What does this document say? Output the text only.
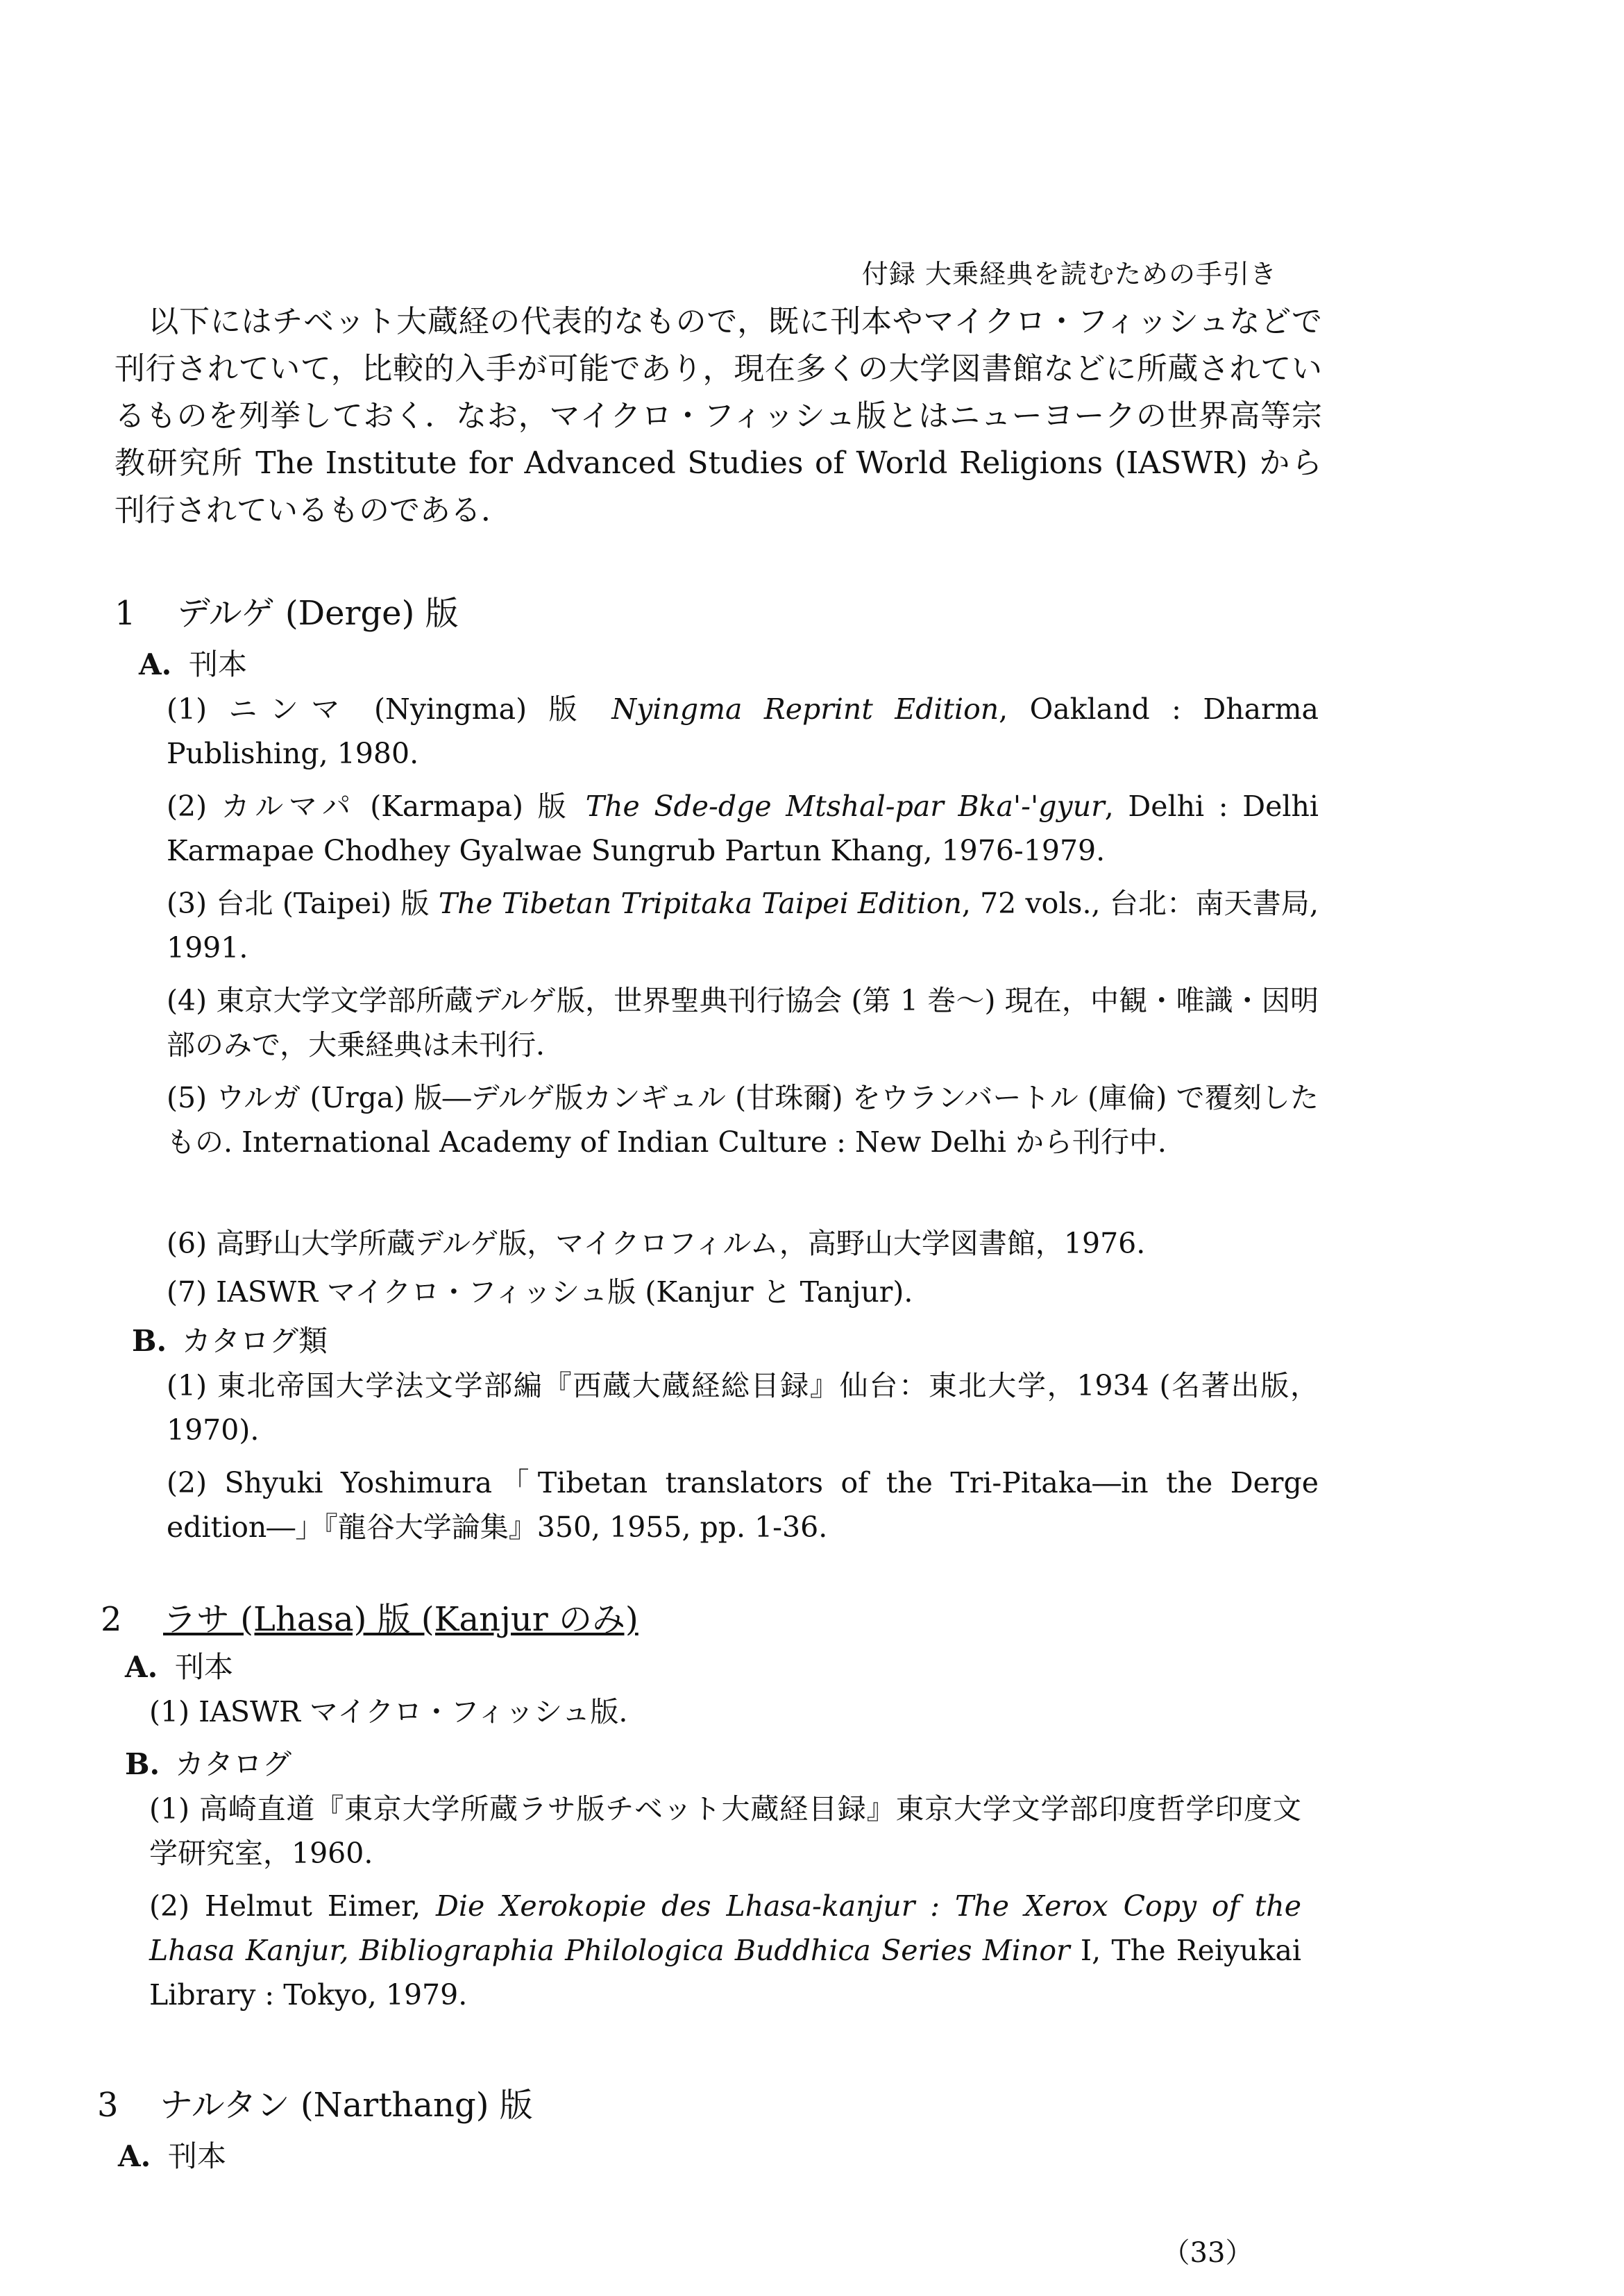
付録 大乗経典を読むための手引き
以下にはチベット大蔵経の代表的なもので，既に刊本やマイクロ・フィッシュなどで刊行されていて，比較的入手が可能であり，現在多くの大学図書館などに所蔵されているものを列挙しておく．なお，マイクロ・フィッシュ版とはニューヨークの世界高等宗教研究所 The Institute for Advanced Studies of World Religions (IASWR) から刊行されているものである．
1 デルゲ (Derge) 版
A. 刊本
(1) ニンマ (Nyingma) 版 Nyingma Reprint Edition, Oakland : Dharma Publishing, 1980.
(2) カルマパ (Karmapa) 版 The Sde-dge Mtshal-par Bka'-'gyur, Delhi : Delhi Karmapae Chodhey Gyalwae Sungrub Partun Khang, 1976-1979.
(3) 台北 (Taipei) 版 The Tibetan Tripitaka Taipei Edition, 72 vols., 台北：南天書局, 1991.
(4) 東京大学文学部所蔵デルゲ版，世界聖典刊行協会 (第 1 巻～) 現在，中観・唯識・因明部のみで，大乗経典は未刊行．
(5) ウルガ (Urga) 版―デルゲ版カンギュル (甘珠爾) をウランバートル (庫倫) で覆刻したもの. International Academy of Indian Culture : New Delhi から刊行中．
(6) 高野山大学所蔵デルゲ版，マイクロフィルム，高野山大学図書館，1976.
(7) IASWR マイクロ・フィッシュ版 (Kanjur と Tanjur).
B. カタログ類
(1) 東北帝国大学法文学部編『西蔵大蔵経総目録』仙台：東北大学，1934 (名著出版，1970).
(2) Shyuki Yoshimura「Tibetan translators of the Tri-Pitaka―in the Derge edition―」『龍谷大学論集』350, 1955, pp. 1-36.
2 ラサ (Lhasa) 版 (Kanjur のみ)
A. 刊本
(1) IASWR マイクロ・フィッシュ版.
B. カタログ
(1) 高崎直道『東京大学所蔵ラサ版チベット大蔵経目録』東京大学文学部印度哲学印度文学研究室，1960.
(2) Helmut Eimer, Die Xerokopie des Lhasa-kanjur : The Xerox Copy of the Lhasa Kanjur, Bibliographia Philologica Buddhica Series Minor I, The Reiyukai Library : Tokyo, 1979.
3 ナルタン (Narthang) 版
A. 刊本
（33）
